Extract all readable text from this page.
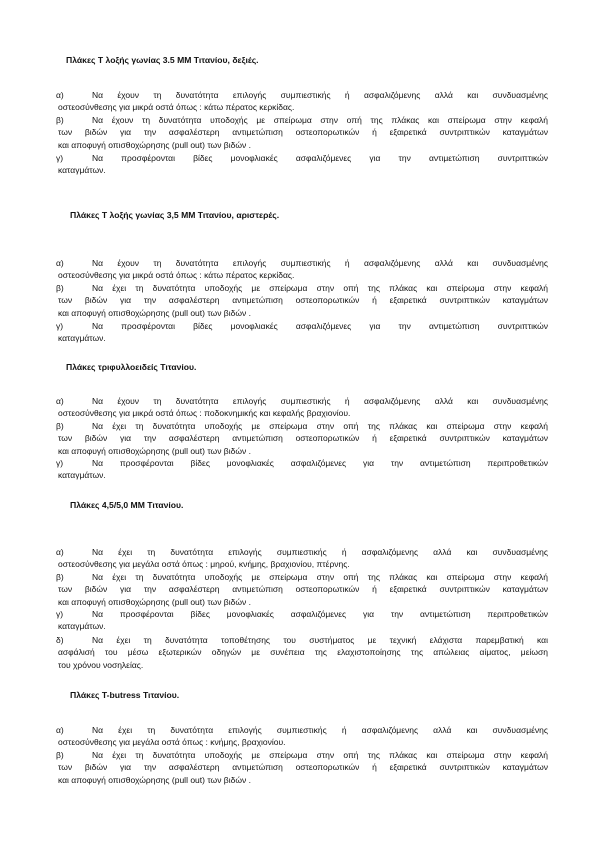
Πλάκες Τ λοξής γωνίας 3.5 ΜΜ Τιτανίου, δεξιές.
α)	Να έχουν τη δυνατότητα επιλογής συμπιεστικής ή ασφαλιζόμενης αλλά και συνδυασμένης
οστεοσύνθεσης για μικρά οστά όπως : κάτω πέρατος κερκίδας.
β)	Να έχουν τη δυνατότητα υποδοχής με σπείρωμα στην οπή της πλάκας και σπείρωμα στην κεφαλή
των βιδών για την ασφαλέστερη αντιμετώπιση οστεοπορωτικών ή εξαιρετικά συντριπτικών καταγμάτων
και αποφυγή οπισθοχώρησης (pull out) των βιδών .
γ)	Να προσφέρονται βίδες μονοφλιακές ασφαλιζόμενες για την αντιμετώπιση συντριπτικών
καταγμάτων.
Πλάκες Τ λοξής γωνίας 3,5 ΜΜ Τιτανίου, αριστερές.
α)	Να έχουν τη δυνατότητα επιλογής συμπιεστικής ή ασφαλιζόμενης αλλά και συνδυασμένης
οστεοσύνθεσης για μικρά οστά όπως : κάτω πέρατος κερκίδας.
β)	Να έχει τη δυνατότητα υποδοχής με σπείρωμα στην οπή της πλάκας και σπείρωμα στην κεφαλή
των βιδών για την ασφαλέστερη αντιμετώπιση οστεοπορωτικών ή εξαιρετικά συντριπτικών καταγμάτων
και αποφυγή οπισθοχώρησης (pull out) των βιδών .
γ)	Να προσφέρονται βίδες μονοφλιακές ασφαλιζόμενες για την αντιμετώπιση συντριπτικών
καταγμάτων.
Πλάκες τριφυλλοειδείς Τιτανίου.
α)	Να έχουν τη δυνατότητα επιλογής συμπιεστικής ή ασφαλιζόμενης αλλά και συνδυασμένης
οστεοσύνθεσης για μικρά οστά όπως : ποδοκνημικής και κεφαλής βραχιονίου.
β)	Να έχει τη δυνατότητα υποδοχής με σπείρωμα στην οπή της πλάκας και σπείρωμα στην κεφαλή
των βιδών για την ασφαλέστερη αντιμετώπιση οστεοπορωτικών ή εξαιρετικά συντριπτικών καταγμάτων
και αποφυγή οπισθοχώρησης (pull out) των βιδών .
γ)	Να προσφέρονται βίδες μονοφλιακές ασφαλιζόμενες για την αντιμετώπιση περιπροθετικών
καταγμάτων.
Πλάκες 4,5/5,0 ΜΜ Τιτανίου.
α)	Να έχει τη δυνατότητα επιλογής συμπιεστικής ή ασφαλιζόμενης αλλά και συνδυασμένης
οστεοσύνθεσης για μεγάλα οστά όπως : μηρού, κνήμης, βραχιονίου, πτέρνης.
β)	Να έχει τη δυνατότητα υποδοχής με σπείρωμα στην οπή της πλάκας και σπείρωμα στην κεφαλή
των βιδών για την ασφαλέστερη αντιμετώπιση οστεοπορωτικών ή εξαιρετικά συντριπτικών καταγμάτων
και αποφυγή οπισθοχώρησης (pull out) των βιδών .
γ)	Να προσφέρονται βίδες μονοφλιακές ασφαλιζόμενες για την αντιμετώπιση περιπροθετικών
καταγμάτων.
δ)	Να έχει τη δυνατότητα τοποθέτησης του συστήματος με τεχνική ελάχιστα παρεμβατική και
ασφάλισή του μέσω εξωτερικών οδηγών με συνέπεια της ελαχιστοποίησης της απώλειας αίματος, μείωση
του χρόνου νοσηλείας.
Πλάκες T-butress Τιτανίου.
α)	Να έχει τη δυνατότητα επιλογής συμπιεστικής ή ασφαλιζόμενης αλλά και συνδυασμένης
οστεοσύνθεσης για μεγάλα οστά όπως : κνήμης, βραχιονίου.
β)	Να έχει τη δυνατότητα υποδοχής με σπείρωμα στην οπή της πλάκας και σπείρωμα στην κεφαλή
των βιδών για την ασφαλέστερη αντιμετώπιση οστεοπορωτικών ή εξαιρετικά συντριπτικών καταγμάτων
και αποφυγή οπισθοχώρησης (pull out) των βιδών .
